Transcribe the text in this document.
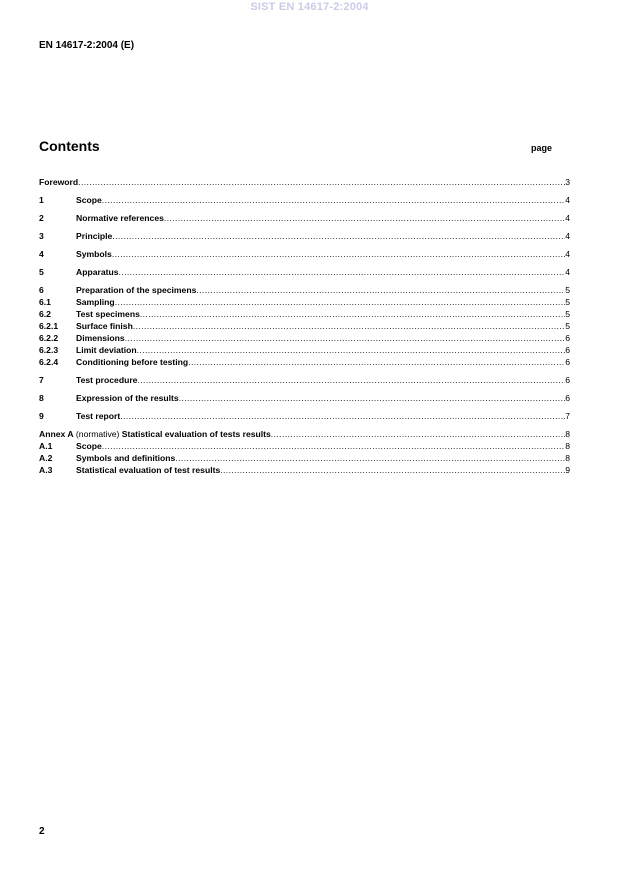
SIST EN 14617-2:2004
EN 14617-2:2004 (E)
Contents	page
Foreword .....	3
1	Scope .....	4
2	Normative references .....	4
3	Principle .....	4
4	Symbols .....	4
5	Apparatus .....	4
6	Preparation of the specimens .....	5
6.1	Sampling .....	5
6.2	Test specimens .....	5
6.2.1	Surface finish .....	5
6.2.2	Dimensions .....	6
6.2.3	Limit deviation .....	6
6.2.4	Conditioning before testing .....	6
7	Test procedure .....	6
8	Expression of the results .....	6
9	Test report .....	7
Annex A (normative) Statistical evaluation of tests results .....	8
A.1	Scope .....	8
A.2	Symbols and definitions .....	8
A.3	Statistical evaluation of test results .....	9
2
